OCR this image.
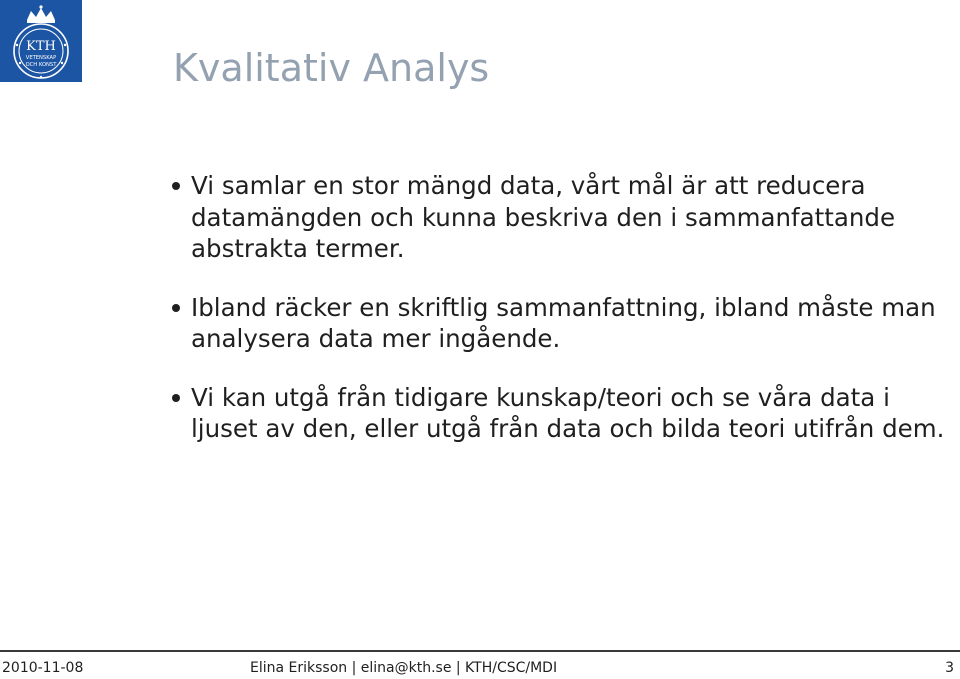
KTH
VETENSKAP
OCH KONST	Kvalitativ Analys
Vi samlar en stor mängd data, vårt mål är att reducera datamängden och kunna beskriva den i sammanfattande abstrakta termer.
Ibland räcker en skriftlig sammanfattning, ibland måste man analysera data mer ingående.
Vi kan utgå från tidigare kunskap/teori och se våra data i ljuset av den, eller utgå från data och bilda teori utifrån dem.
2010-11-08	Elina Eriksson | elina@kth.se | KTH/CSC/MDI	3
